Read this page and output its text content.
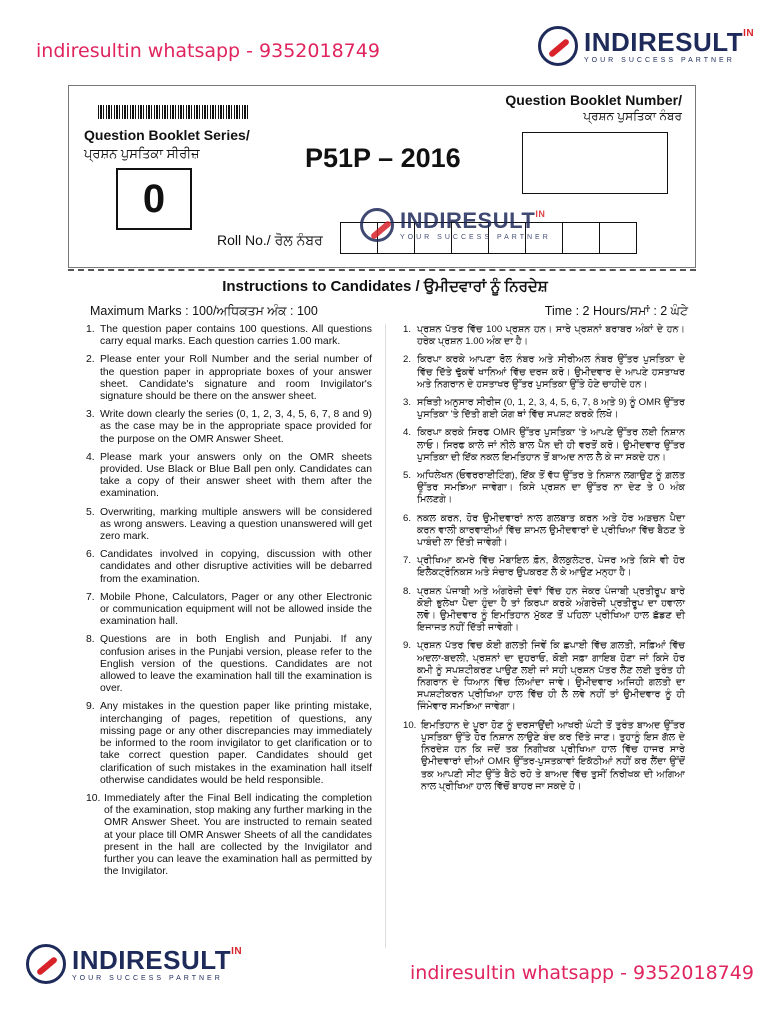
indiresultin whatsapp - 9352018749	$INDIRESULT^{IN}$
YOUR SUCCESS PARTNER
Question Booklet Series/
ਪ੍ਰਸ਼ਨ ਪੁਸਤਿਕਾ ਸੀਰੀਜ਼
0
P51P – 2016
Question Booklet Number/
ਪ੍ਰਸ਼ਨ ਪੁਸਤਿਕਾ ਨੰਬਰ
Roll No./ ਰੋਲ ਨੰਬਰ
$INDIRESULT^{IN}$
YOUR SUCCESS PARTNER
Instructions to Candidates / ਉਮੀਦਵਾਰਾਂ ਨੂੰ ਨਿਰਦੇਸ਼
Maximum Marks : 100/ਅਧਿਕਤਮ ਅੰਕ : 100	Time : 2 Hours/ਸਮਾਂ : 2 ਘੰਟੇ
1. The question paper contains 100 questions. All questions carry equal marks. Each question carries 1.00 mark.
2. Please enter your Roll Number and the serial number of the question paper in appropriate boxes of your answer sheet. Candidate's signature and room Invigilator's signature should be there on the answer sheet.
3. Write down clearly the series (0, 1, 2, 3, 4, 5, 6, 7, 8 and 9) as the case may be in the appropriate space provided for the purpose on the OMR Answer Sheet.
4. Please mark your answers only on the OMR sheets provided. Use Black or Blue Ball pen only. Candidates can take a copy of their answer sheet with them after the examination.
5. Overwriting, marking multiple answers will be considered as wrong answers. Leaving a question unanswered will get zero mark.
6. Candidates involved in copying, discussion with other candidates and other disruptive activities will be debarred from the examination.
7. Mobile Phone, Calculators, Pager or any other Electronic or communication equipment will not be allowed inside the examination hall.
8. Questions are in both English and Punjabi. If any confusion arises in the Punjabi version, please refer to the English version of the questions. Candidates are not allowed to leave the examination hall till the examination is over.
9. Any mistakes in the question paper like printing mistake, interchanging of pages, repetition of questions, any missing page or any other discrepancies may immediately be informed to the room invigilator to get clarification or to take correct question paper. Candidates should get clarification of such mistakes in the examination hall itself otherwise candidates would be held responsible.
10. Immediately after the Final Bell indicating the completion of the examination, stop making any further marking in the OMR Answer Sheet. You are instructed to remain seated at your place till OMR Answer Sheets of all the candidates present in the hall are collected by the Invigilator and further you can leave the examination hall as permitted by the Invigilator.
1. ਪ੍ਰਸ਼ਨ ਪੱਤਰ ਵਿੱਚ 100 ਪ੍ਰਸ਼ਨ ਹਨ। ਸਾਰੇ ਪ੍ਰਸ਼ਨਾਂ ਬਰਾਬਰ ਅੰਕਾਂ ਦੇ ਹਨ। ਹਰੇਕ ਪ੍ਰਸ਼ਨ 1.00 ਅੰਕ ਦਾ ਹੈ।
2. ਕਿਰਪਾ ਕਰਕੇ ਆਪਣਾ ਰੋਲ ਨੰਬਰ ਅਤੇ ਸੀਰੀਅਲ ਨੰਬਰ ਉੱਤਰ ਪੁਸਤਿਕਾ ਦੇ ਵਿੱਚ ਦਿੱਤੇ ਢੁੱਕਵੇਂ ਖਾਨਿਆਂ ਵਿੱਚ ਦਰਜ ਕਰੋ। ਉਮੀਦਵਾਰ ਦੇ ਆਪਣੇ ਹਸਤਾਖਰ ਅਤੇ ਨਿਗਰਾਨ ਦੇ ਹਸਤਾਖਰ ਉੱਤਰ ਪੁਸਤਿਕਾ ਉੱਤੇ ਹੋਣੇ ਚਾਹੀਦੇ ਹਨ।
3. ਸਥਿਤੀ ਅਨੁਸਾਰ ਸੀਰੀਜ (0, 1, 2, 3, 4, 5, 6, 7, 8 ਅਤੇ 9) ਨੂੰ OMR ਉੱਤਰ ਪੁਸਤਿਕਾ 'ਤੇ ਦਿੱਤੀ ਗਈ ਯੋਗ ਥਾਂ ਵਿੱਚ ਸਪਸ਼ਟ ਕਰਕੇ ਲਿਖੋ।
4. ਕਿਰਪਾ ਕਰਕੇ ਸਿਰਫ OMR ਉੱਤਰ ਪੁਸਤਿਕਾ 'ਤੇ ਆਪਣੇ ਉੱਤਰ ਲਈ ਨਿਸ਼ਾਨ ਲਾਓ। ਸਿਰਫ ਕਾਲੇ ਜਾਂ ਨੀਲੇ ਬਾਲ ਪੈਨ ਦੀ ਹੀ ਵਰਤੋਂ ਕਰੋ। ਉਮੀਦਵਾਰ ਉੱਤਰ ਪੁਸਤਿਕਾ ਦੀ ਇੱਕ ਨਕਲ ਇਮਤਿਹਾਨ ਤੋਂ ਬਾਅਦ ਨਾਲ ਲੈ ਕੇ ਜਾ ਸਕਦੇ ਹਨ।
5. ਅਧਿਲੇਖਨ (ਓਵਰਰਾਈਟਿੰਗ), ਇੱਕ ਤੋਂ ਵੱਧ ਉੱਤਰ ਤੇ ਨਿਸ਼ਾਨ ਲਗਾਉਣ ਨੂੰ ਗ਼ਲਤ ਉੱਤਰ ਸਮਝਿਆ ਜਾਵੇਗਾ। ਕਿਸੇ ਪ੍ਰਸ਼ਨ ਦਾ ਉੱਤਰ ਨਾ ਦੇਣ ਤੇ 0 ਅੰਕ ਮਿਲਣਗੇ।
6. ਨਕਲ ਕਰਨ, ਹੋਰ ਉਮੀਦਵਾਰਾਂ ਨਾਲ ਗਲਬਾਤ ਕਰਨ ਅਤੇ ਹੋਰ ਅੜਚਨ ਪੈਦਾ ਕਰਨ ਵਾਲੀ ਕਾਰਵਾਈਆਂ ਵਿੱਚ ਸ਼ਾਮਲ ਉਮੀਦਵਾਰਾਂ ਦੇ ਪ੍ਰੀਖਿਆ ਵਿੱਚ ਬੈਠਣ ਤੇ ਪਾਬੰਦੀ ਲਾ ਦਿੱਤੀ ਜਾਵੇਗੀ।
7. ਪ੍ਰੀਖਿਆ ਕਮਰੇ ਵਿੱਚ ਮੋਬਾਇਲ ਫ਼ੋਨ, ਕੈਲਕੁਲੇਟਰ, ਪੇਜਰ ਅਤੇ ਕਿਸੇ ਵੀ ਹੋਰ ਇਲੈਕਟ੍ਰੋਨਿਕਸ ਅਤੇ ਸੰਚਾਰ ਉਪਕਰਣ ਲੈ ਕੇ ਆਉਣ ਮਨ੍ਹਾ ਹੈ।
8. ਪ੍ਰਸ਼ਨ ਪੰਜਾਬੀ ਅਤੇ ਅੰਗਰੇਜ਼ੀ ਦੋਵਾਂ ਵਿੱਚ ਹਨ ਜੇਕਰ ਪੰਜਾਬੀ ਪ੍ਰਤੀਰੂਪ ਬਾਰੇ ਕੋਈ ਭੁਲੇਖਾ ਪੈਦਾ ਹੁੰਦਾ ਹੈ ਤਾਂ ਕਿਰਪਾ ਕਰਕੇ ਅੰਗਰੇਜ਼ੀ ਪ੍ਰਤੀਰੂਪ ਦਾ ਹਵਾਲਾ ਲਵੋ। ਉਮੀਦਵਾਰ ਨੂੰ ਇਮਤਿਹਾਨ ਮੁੱਕਣ ਤੋਂ ਪਹਿਲਾ ਪ੍ਰੀਖਿਆ ਹਾਲ ਛੱਡਣ ਦੀ ਇਜਾਜਤ ਨਹੀਂ ਦਿੱਤੀ ਜਾਵੇਗੀ।
9. ਪ੍ਰਸ਼ਨ ਪੱਤਰ ਵਿਚ ਕੋਈ ਗਲਤੀ ਜਿਵੇਂ ਕਿ ਛਪਾਈ ਵਿੱਚ ਗ਼ਲਤੀ, ਸਫ਼ਿਆਂ ਵਿੱਚ ਅਦਲਾ-ਬਦਲੀ, ਪ੍ਰਸ਼ਨਾਂ ਦਾ ਦੁਹਰਾਓ, ਕੋਈ ਸਫ਼ਾ ਗਾਇਬ ਹੋਣਾ ਜਾਂ ਕਿਸੇ ਹੋਰ ਕਮੀ ਨੂੰ ਸਪਸ਼ਟੀਕਰਣ ਪਾਉਣ ਲਈ ਜਾਂ ਸਹੀ ਪ੍ਰਸ਼ਨ ਪੱਤਰ ਲੈਣ ਲਈ ਤੁਰੰਤ ਹੀ ਨਿਗਰਾਨ ਦੇ ਧਿਆਨ ਵਿੱਚ ਲਿਆਂਦਾ ਜਾਵੇ। ਉਮੀਦਵਾਰ ਅਜਿਹੀ ਗਲਤੀ ਦਾ ਸਪਸ਼ਟੀਕਰਨ ਪ੍ਰੀਖਿਆ ਹਾਲ ਵਿੱਚ ਹੀ ਲੈ ਲਵੇ ਨਹੀਂ ਤਾਂ ਉਮੀਦਵਾਰ ਨੂੰ ਹੀ ਜਿੰਮੇਵਾਰ ਸਮਝਿਆ ਜਾਵੇਗਾ।
10. ਇਮਤਿਹਾਨ ਦੇ ਪੂਰਾ ਹੋਣ ਨੂੰ ਦਰਸਾਉਂਦੀ ਆਖਰੀ ਘੰਟੀ ਤੋਂ ਤੁਰੰਤ ਬਾਅਦ ਉੱਤਰ ਪੁਸਤਿਕਾ ਉੱਤੇ ਹੋਰ ਨਿਸ਼ਾਨ ਲਾਉਣੇ ਬੰਦ ਕਰ ਦਿੱਤੇ ਜਾਣ। ਤੁਹਾਨੂੰ ਇਸ ਗੱਲ ਦੇ ਨਿਰਦੇਸ਼ ਹਨ ਕਿ ਜਦੋਂ ਤਕ ਨਿਗੀਖਕ ਪ੍ਰੀਖਿਆ ਹਾਲ ਵਿੱਚ ਹਾਜਰ ਸਾਰੇ ਉਮੀਦਵਾਰਾਂ ਦੀਆਂ OMR ਉੱਤਰ-ਪੁਸਤਕਾਵਾਂ ਇਕੱਠੀਆਂ ਨਹੀਂ ਕਰ ਲੈਂਦਾ ਉੱਦੋਂ ਤਕ ਆਪਣੀ ਸੀਟ ਉੱਤੇ ਬੈਠੇ ਰਹੋ ਤੇ ਬਾਅਦ ਵਿੱਚ ਤੁਸੀਂ ਨਿਰੀਖਕ ਦੀ ਅਗਿਆ ਨਾਲ ਪ੍ਰੀਖਿਆ ਹਾਲ ਵਿੱਚੋਂ ਬਾਹਰ ਜਾ ਸਕਦੇ ਹੋ।
$INDIRESULT^{IN}$
YOUR SUCCESS PARTNER	indiresultin whatsapp - 9352018749
